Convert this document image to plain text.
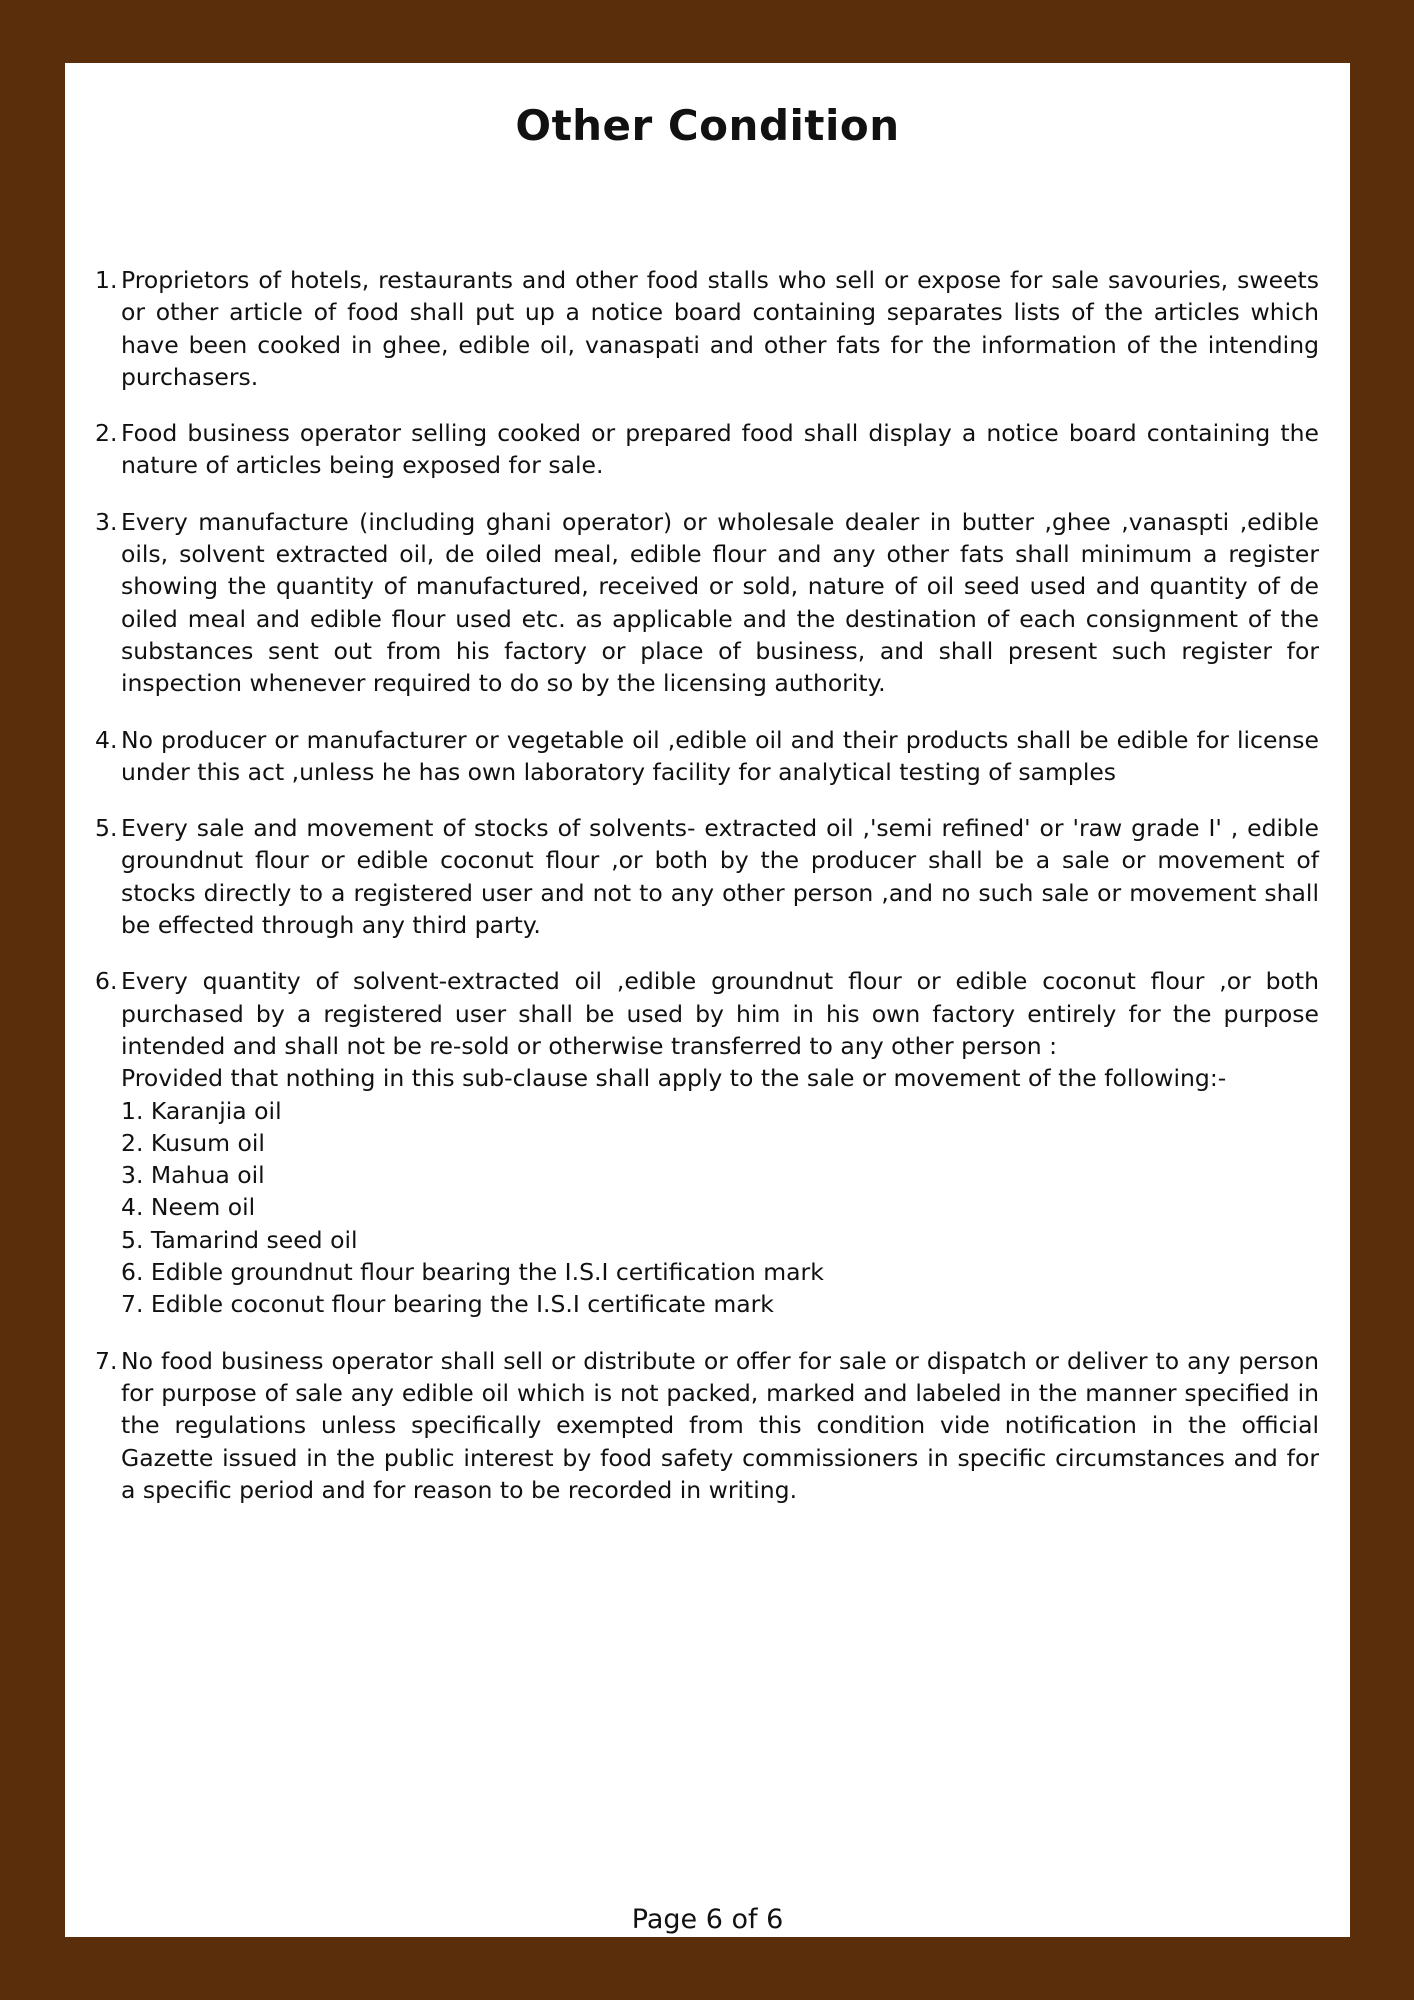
Other Condition
1. Proprietors of hotels, restaurants and other food stalls who sell or expose for sale savouries, sweets or other article of food shall put up a notice board containing separates lists of the articles which have been cooked in ghee, edible oil, vanaspati and other fats for the information of the intending purchasers.
2. Food business operator selling cooked or prepared food shall display a notice board containing the nature of articles being exposed for sale.
3. Every manufacture (including ghani operator) or wholesale dealer in butter ,ghee ,vanaspti ,edible oils, solvent extracted oil, de oiled meal, edible flour and any other fats shall minimum a register showing the quantity of manufactured, received or sold, nature of oil seed used and quantity of de oiled meal and edible flour used etc. as applicable and the destination of each consignment of the substances sent out from his factory or place of business, and shall present such register for inspection whenever required to do so by the licensing authority.
4. No producer or manufacturer or vegetable oil ,edible oil and their products shall be edible for license under this act ,unless he has own laboratory facility for analytical testing of samples
5. Every sale and movement of stocks of solvents- extracted oil ,'semi refined' or 'raw grade I' , edible groundnut flour or edible coconut flour ,or both by the producer shall be a sale or movement of stocks directly to a registered user and not to any other person ,and no such sale or movement shall be effected through any third party.
6. Every quantity of solvent-extracted oil ,edible groundnut flour or edible coconut flour ,or both purchased by a registered user shall be used by him in his own factory entirely for the purpose intended and shall not be re-sold or otherwise transferred to any other person :
Provided that nothing in this sub-clause shall apply to the sale or movement of the following:-
1. Karanjia oil
2. Kusum oil
3. Mahua oil
4. Neem oil
5. Tamarind seed oil
6. Edible groundnut flour bearing the I.S.I certification mark
7. Edible coconut flour bearing the I.S.I certificate mark
7. No food business operator shall sell or distribute or offer for sale or dispatch or deliver to any person for purpose of sale any edible oil which is not packed, marked and labeled in the manner specified in the regulations unless specifically exempted from this condition vide notification in the official Gazette issued in the public interest by food safety commissioners in specific circumstances and for a specific period and for reason to be recorded in writing.
Page 6 of 6
